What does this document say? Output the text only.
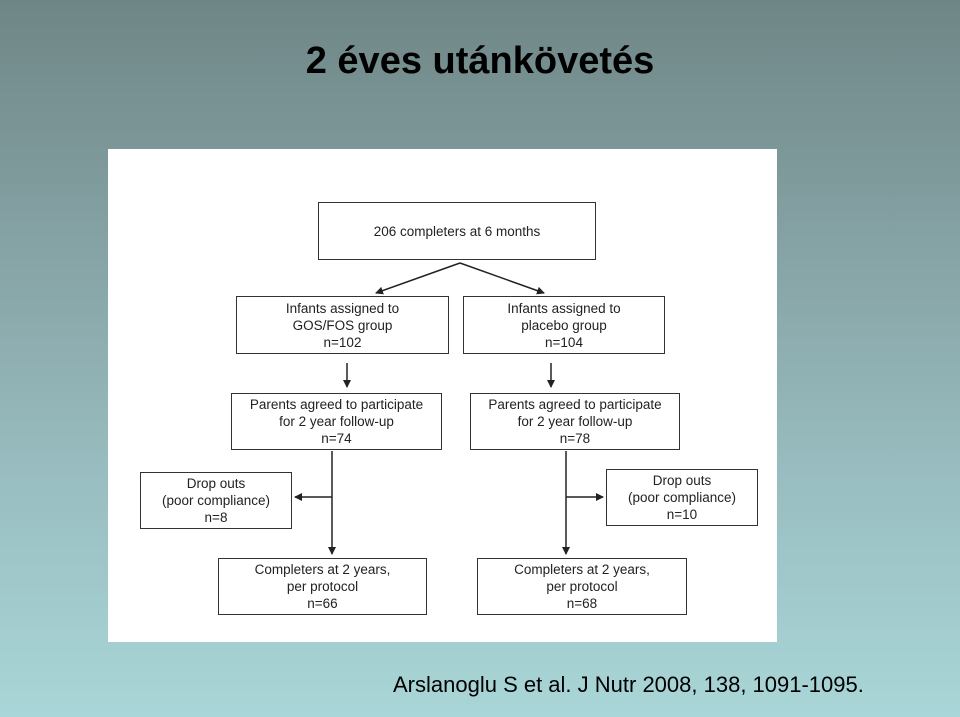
2 éves utánkövetés
206 completers at 6 months
Infants assigned to
GOS/FOS group
n=102
Infants assigned to
placebo group
n=104
Parents agreed to participate
for 2 year follow-up
n=74
Parents agreed to participate
for 2 year follow-up
n=78
Drop outs
(poor compliance)
n=8
Drop outs
(poor compliance)
n=10
Completers at 2 years,
per protocol
n=66
Completers at 2 years,
per protocol
n=68
Arslanoglu S et al. J Nutr 2008, 138, 1091-1095.
